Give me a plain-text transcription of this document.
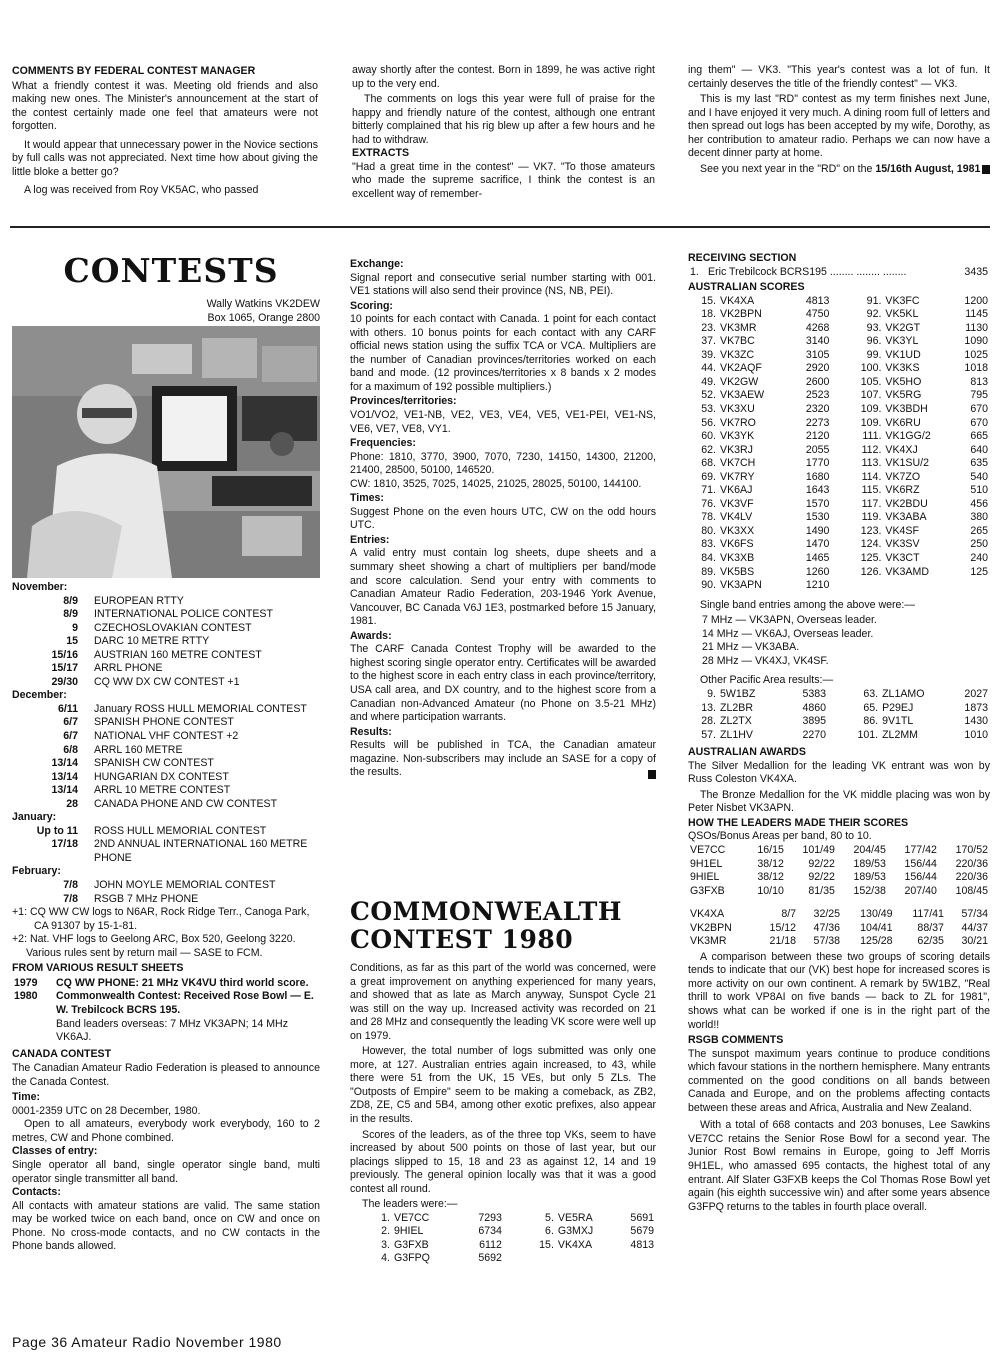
COMMENTS BY FEDERAL CONTEST MANAGER

What a friendly contest it was. Meeting old friends and also making new ones. The Minister's announcement at the start of the contest certainly made one feel that amateurs were not forgotten.

It would appear that unnecessary power in the Novice sections by full calls was not appreciated. Next time how about giving the little bloke a better go?

A log was received from Roy VK5AC, who passed

away shortly after the contest. Born in 1899, he was active right up to the very end.

The comments on logs this year were full of praise for the happy and friendly nature of the contest, although one entrant bitterly complained that his rig blew up after a few hours and he had to withdraw.

EXTRACTS

"Had a great time in the contest" — VK7. "To those amateurs who made the supreme sacrifice, I think the contest is an excellent way of remember-

ing them" — VK3. "This year's contest was a lot of fun. It certainly deserves the title of the friendly contest" — VK3.

This is my last "RD" contest as my term finishes next June, and I have enjoyed it very much. A dining room full of letters and then spread out logs has been accepted by my wife, Dorothy, as her contribution to amateur radio. Perhaps we can now have a decent dinner party at home.

See you next year in the "RD" on the 15/16th August, 1981

CONTESTS
Wally Watkins VK2DEW
Box 1065, Orange 2800
November:
8/9	EUROPEAN RTTY
8/9	INTERNATIONAL POLICE CONTEST
9	CZECHOSLOVAKIAN CONTEST
15	DARC 10 METRE RTTY
15/16	AUSTRIAN 160 METRE CONTEST
15/17	ARRL PHONE
29/30	CQ WW DX CW CONTEST +1
December:
6/11	January ROSS HULL MEMORIAL CONTEST
6/7	SPANISH PHONE CONTEST
6/7	NATIONAL VHF CONTEST +2
6/8	ARRL 160 METRE
13/14	SPANISH CW CONTEST
13/14	HUNGARIAN DX CONTEST
13/14	ARRL 10 METRE CONTEST
28	CANADA PHONE AND CW CONTEST
January:
Up to 11	ROSS HULL MEMORIAL CONTEST
17/18	2ND ANNUAL INTERNATIONAL 160 METRE PHONE
February:
7/8	JOHN MOYLE MEMORIAL CONTEST
7/8	RSGB 7 MHz PHONE
+1: CQ WW CW logs to N6AR, Rock Ridge Terr., Canoga Park, CA 91307 by 15-1-81.
+2: Nat. VHF logs to Geelong ARC, Box 520, Geelong 3220.
Various rules sent by return mail — SASE to FCM.
FROM VARIOUS RESULT SHEETS
1979	CQ WW PHONE: 21 MHz VK4VU third world score.
1980	Commonwealth Contest: Received Rose Bowl — E. W. Trebilcock BCRS 195.
Band leaders overseas: 7 MHz VK3APN; 14 MHz VK6AJ.
CANADA CONTEST

The Canadian Amateur Radio Federation is pleased to announce the Canada Contest.

Time:

0001-2359 UTC on 28 December, 1980.

Open to all amateurs, everybody work everybody, 160 to 2 metres, CW and Phone combined.

Classes of entry:

Single operator all band, single operator single band, multi operator single transmitter all band.

Contacts:

All contacts with amateur stations are valid. The same station may be worked twice on each band, once on CW and once on Phone. No cross-mode contacts, and no CW contacts in the Phone bands allowed.

Exchange:

Signal report and consecutive serial number starting with 001. VE1 stations will also send their province (NS, NB, PEI).

Scoring:

10 points for each contact with Canada. 1 point for each contact with others. 10 bonus points for each contact with any CARF official news station using the suffix TCA or VCA. Multipliers are the number of Canadian provinces/territories worked on each band and mode. (12 provinces/territories x 8 bands x 2 modes for a maximum of 192 possible multipliers.)

Provinces/territories:

VO1/VO2, VE1-NB, VE2, VE3, VE4, VE5, VE1-PEI, VE1-NS, VE6, VE7, VE8, VY1.

Frequencies:

Phone: 1810, 3770, 3900, 7070, 7230, 14150, 14300, 21200, 21400, 28500, 50100, 146520.

CW: 1810, 3525, 7025, 14025, 21025, 28025, 50100, 144100.

Times:

Suggest Phone on the even hours UTC, CW on the odd hours UTC.

Entries:

A valid entry must contain log sheets, dupe sheets and a summary sheet showing a chart of multipliers per band/mode and score calculation. Send your entry with comments to Canadian Amateur Radio Federation, 203-1946 York Avenue, Vancouver, BC Canada V6J 1E3, postmarked before 15 January, 1981.

Awards:

The CARF Canada Contest Trophy will be awarded to the highest scoring single operator entry. Certificates will be awarded to the highest score in each entry class in each province/territory, USA call area, and DX country, and to the highest score from a Canadian non-Advanced Amateur (no Phone on 3.5-21 MHz) and where participation warrants.

Results:

Results will be published in TCA, the Canadian amateur magazine. Non-subscribers may include an SASE for a copy of the results.

COMMONWEALTH
CONTEST 1980

Conditions, as far as this part of the world was concerned, were a great improvement on anything experienced for many years, and showed that as late as March anyway, Sunspot Cycle 21 was still on the way up. Increased activity was recorded on 21 and 28 MHz and consequently the leading VK score were well up on 1979.

However, the total number of logs submitted was only one more, at 127. Australian entries again increased, to 43, while there were 51 from the UK, 15 VEs, but only 5 ZLs. The "Outposts of Empire" seem to be making a comeback, as ZB2, ZD8, ZE, C5 and 5B4, among other exotic prefixes, also appear in the results.

Scores of the leaders, as of the three top VKs, seem to have increased by about 500 points on those of last year, but our placings slipped to 15, 18 and 23 as against 12, 14 and 19 previously. The general opinion locally was that it was a good contest all round.

The leaders were:—
1.	VE7CC	7293	5.	VE5RA	5691
2.	9HIEL	6734	6.	G3MXJ	5679
3.	G3FXB	6112	15.	VK4XA	4813
4.	G3FPQ	5692			
RECEIVING SECTION
1.	Eric Trebilcock BCRS195 ........ ........ ........	3435
AUSTRALIAN SCORES
15.	VK4XA	4813	91.	VK3FC	1200
18.	VK2BPN	4750	92.	VK5KL	1145
23.	VK3MR	4268	93.	VK2GT	1130
37.	VK7BC	3140	96.	VK3YL	1090
39.	VK3ZC	3105	99.	VK1UD	1025
44.	VK2AQF	2920	100.	VK3KS	1018
49.	VK2GW	2600	105.	VK5HO	813
52.	VK3AEW	2523	107.	VK5RG	795
53.	VK3XU	2320	109.	VK3BDH	670
56.	VK7RO	2273	109.	VK6RU	670
60.	VK3YK	2120	111.	VK1GG/2	665
62.	VK3RJ	2055	112.	VK4XJ	640
68.	VK7CH	1770	113.	VK1SU/2	635
69.	VK7RY	1680	114.	VK7ZO	540
71.	VK6AJ	1643	115.	VK6RZ	510
76.	VK3VF	1570	117.	VK2BDU	456
78.	VK4LV	1530	119.	VK3ABA	380
80.	VK3XX	1490	123.	VK4SF	265
83.	VK6FS	1470	124.	VK3SV	250
84.	VK3XB	1465	125.	VK3CT	240
89.	VK5BS	1260	126.	VK3AMD	125
90.	VK3APN	1210			
Single band entries among the above were:—
7 MHz — VK3APN, Overseas leader.
14 MHz — VK6AJ, Overseas leader.
21 MHz — VK3ABA.
28 MHz — VK4XJ, VK4SF.
Other Pacific Area results:—
9.	5W1BZ	5383	63.	ZL1AMO	2027
13.	ZL2BR	4860	65.	P29EJ	1873
28.	ZL2TX	3895	86.	9V1TL	1430
57.	ZL1HV	2270	101.	ZL2MM	1010
AUSTRALIAN AWARDS

The Silver Medallion for the leading VK entrant was won by Russ Coleston VK4XA.

The Bronze Medallion for the VK middle placing was won by Peter Nisbet VK3APN.

HOW THE LEADERS MADE THEIR SCORES
QSOs/Bonus Areas per band, 80 to 10.
VE7CC	16/15	101/49	204/45	177/42	170/52
9H1EL	38/12	92/22	189/53	156/44	220/36
9HIEL	38/12	92/22	189/53	156/44	220/36
G3FXB	10/10	81/35	152/38	207/40	108/45
VK4XA	8/7	32/25	130/49	117/41	57/34
VK2BPN	15/12	47/36	104/41	88/37	44/37
VK3MR	21/18	57/38	125/28	62/35	30/21

A comparison between these two groups of scoring details tends to indicate that our (VK) best hope for increased scores is more activity on our own continent. A remark by 5W1BZ, "Real thrill to work VP8AI on five bands — back to ZL for 1981", shows what can be worked if one is in the right part of the world!!

RSGB COMMENTS

The sunspot maximum years continue to produce conditions which favour stations in the northern hemisphere. Many entrants commented on the good conditions on all bands between Canada and Europe, and on the problems affecting contacts between these areas and Africa, Australia and New Zealand.

With a total of 668 contacts and 203 bonuses, Lee Sawkins VE7CC retains the Senior Rose Bowl for a second year. The Junior Rost Bowl remains in Europe, going to Jeff Morris 9H1EL, who amassed 695 contacts, the highest total of any entrant. Alf Slater G3FXB keeps the Col Thomas Rose Bowl yet again (his eighth successive win) and after some years absence G3FPQ returns to the tables in fourth place overall.

Page 36 Amateur Radio November 1980
